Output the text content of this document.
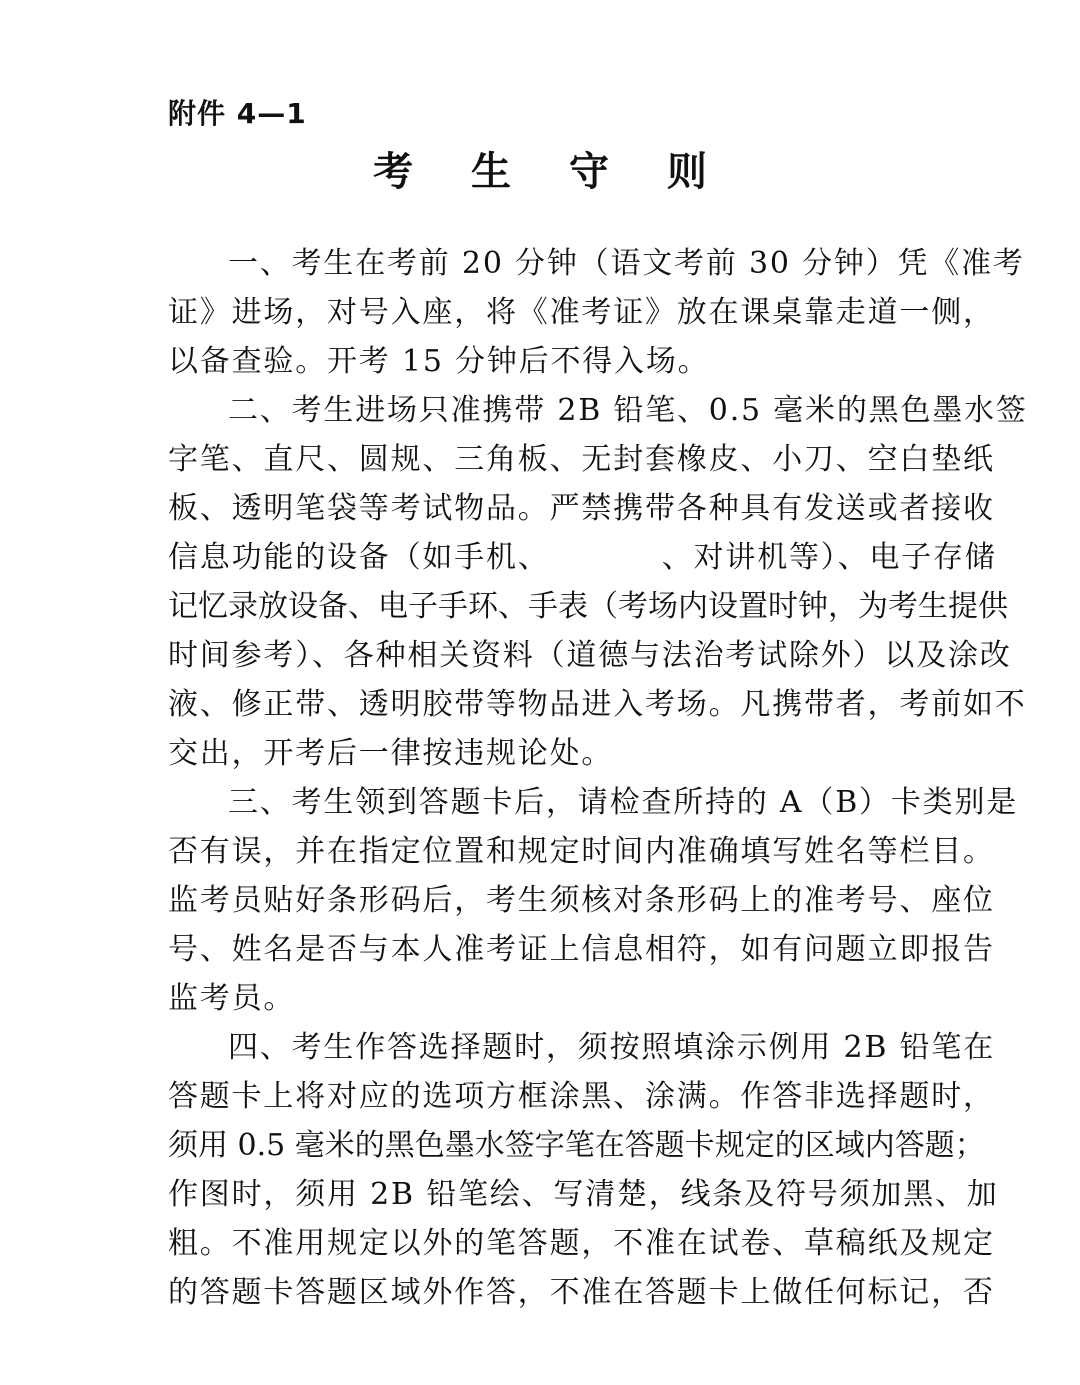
附件 4—1
考 生 守 则
一、考生在考前 20 分钟（语文考前 30 分钟）凭《准考
证》进场，对号入座，将《准考证》放在课桌靠走道一侧，
以备查验。开考 15 分钟后不得入场。
二、考生进场只准携带 2B 铅笔、0.5 毫米的黑色墨水签
字笔、直尺、圆规、三角板、无封套橡皮、小刀、空白垫纸
板、透明笔袋等考试物品。严禁携带各种具有发送或者接收
信息功能的设备（如手机、　　　　、对讲机等）、电子存储
记忆录放设备、电子手环、手表（考场内设置时钟，为考生提供
时间参考）、各种相关资料（道德与法治考试除外）以及涂改
液、修正带、透明胶带等物品进入考场。凡携带者，考前如不
交出，开考后一律按违规论处。
三、考生领到答题卡后，请检查所持的 A（B）卡类别是
否有误，并在指定位置和规定时间内准确填写姓名等栏目。
监考员贴好条形码后，考生须核对条形码上的准考号、座位
号、姓名是否与本人准考证上信息相符，如有问题立即报告
监考员。
四、考生作答选择题时，须按照填涂示例用 2B 铅笔在
答题卡上将对应的选项方框涂黑、涂满。作答非选择题时，
须用 0.5 毫米的黑色墨水签字笔在答题卡规定的区域内答题；
作图时，须用 2B 铅笔绘、写清楚，线条及符号须加黑、加
粗。不准用规定以外的笔答题，不准在试卷、草稿纸及规定
的答题卡答题区域外作答，不准在答题卡上做任何标记，否
